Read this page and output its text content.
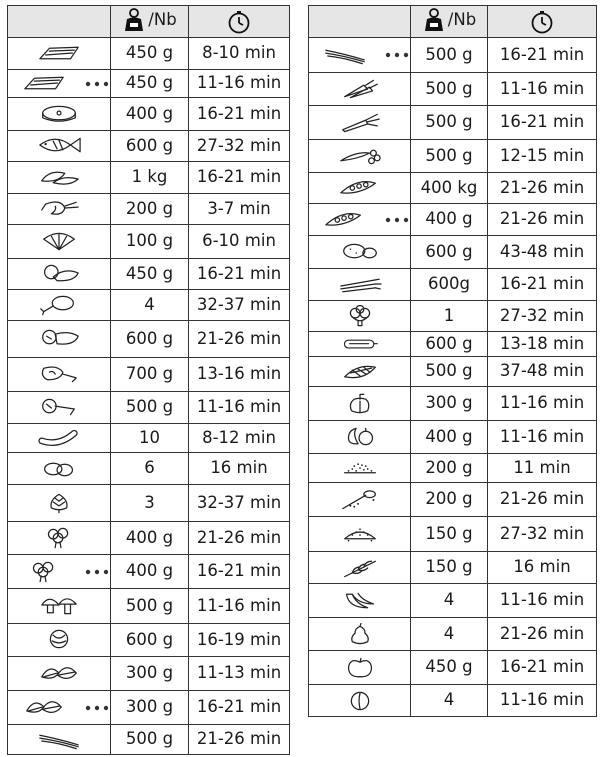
	/Nb

	450 g	8-10 min

	450 g	11-16 min

	400 g	16-21 min

	600 g	27-32 min

	1 kg	16-21 min

	200 g	3-7 min

	100 g	6-10 min

	450 g	16-21 min

	4	32-37 min

	600 g	21-26 min

	700 g	13-16 min

	500 g	11-16 min

	10	8-12 min

	6	16 min

	3	32-37 min

	400 g	21-26 min

	400 g	16-21 min

	500 g	11-16 min

	600 g	16-19 min

	300 g	11-13 min

	300 g	16-21 min

	500 g	21-26 min

	/Nb

	500 g	16-21 min

	500 g	11-16 min

	500 g	16-21 min

	500 g	12-15 min

	400 kg	21-26 min

	400 g	21-26 min

	600 g	43-48 min

	600g	16-21 min

	1	27-32 min

	600 g	13-18 min

	500 g	37-48 min

	300 g	11-16 min

	400 g	11-16 min

	200 g	11 min

	200 g	21-26 min

	150 g	27-32 min

	150 g	16 min

	4	11-16 min

	4	21-26 min

	450 g	16-21 min

	4	11-16 min
